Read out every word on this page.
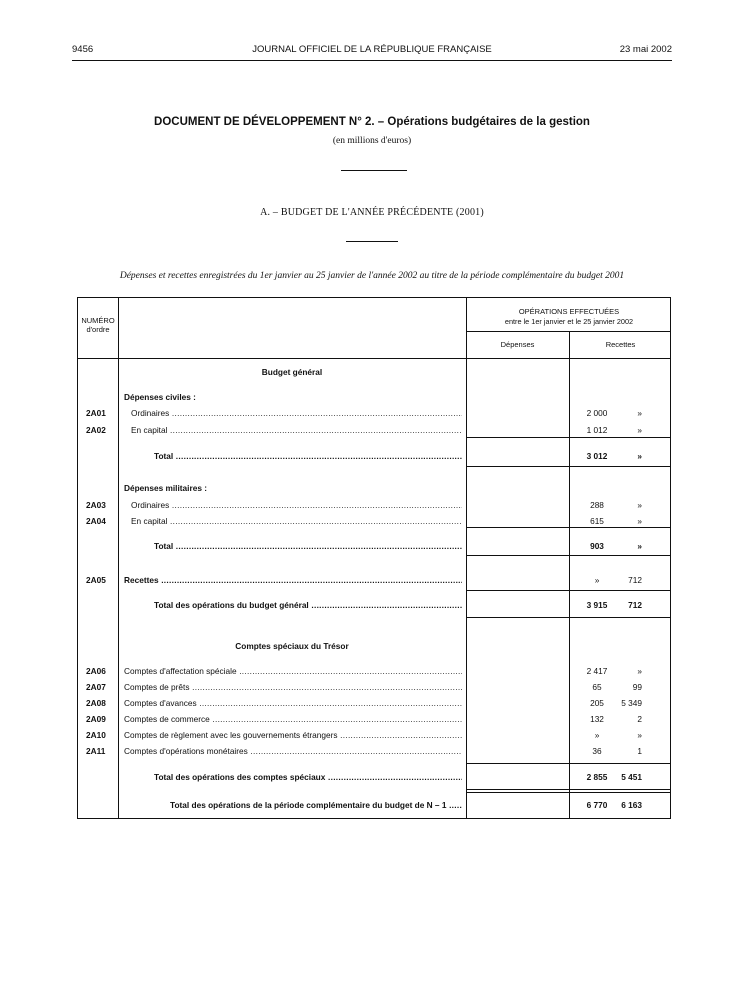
9456	JOURNAL OFFICIEL DE LA RÉPUBLIQUE FRANÇAISE	23 mai 2002
DOCUMENT DE DÉVELOPPEMENT N° 2. – Opérations budgétaires de la gestion
(en millions d'euros)
A. – BUDGET DE L'ANNÉE PRÉCÉDENTE (2001)
Dépenses et recettes enregistrées du 1er janvier au 25 janvier de l'année 2002 au titre de la période complémentaire du budget 2001
NUMÉRO
d'ordre
OPÉRATIONS EFFECTUÉES
entre le 1er janvier et le 25 janvier 2002
Dépenses	Recettes
Budget général
Dépenses civiles :
Dépenses militaires :
Comptes spéciaux du Trésor
2A01	Ordinaires .....	2 000	»
2A02	En capital .....	1 012	»
Total .....	3 012	»
2A03	Ordinaires .....	288	»
2A04	En capital .....	615	»
Total .....	903	»
2A05	Recettes .....	»	712
Total des opérations du budget général .....	3 915	712
2A06	Comptes d'affectation spéciale .....	2 417	»
2A07	Comptes de prêts .....	65	99
2A08	Comptes d'avances .....	205	5 349
2A09	Comptes de commerce .....	132	2
2A10	Comptes de règlement avec les gouvernements étrangers .....	»	»
2A11	Comptes d'opérations monétaires .....	36	1
Total des opérations des comptes spéciaux .....	2 855	5 451
Total des opérations de la période complémentaire du budget de N – 1 .....	6 770	6 163
